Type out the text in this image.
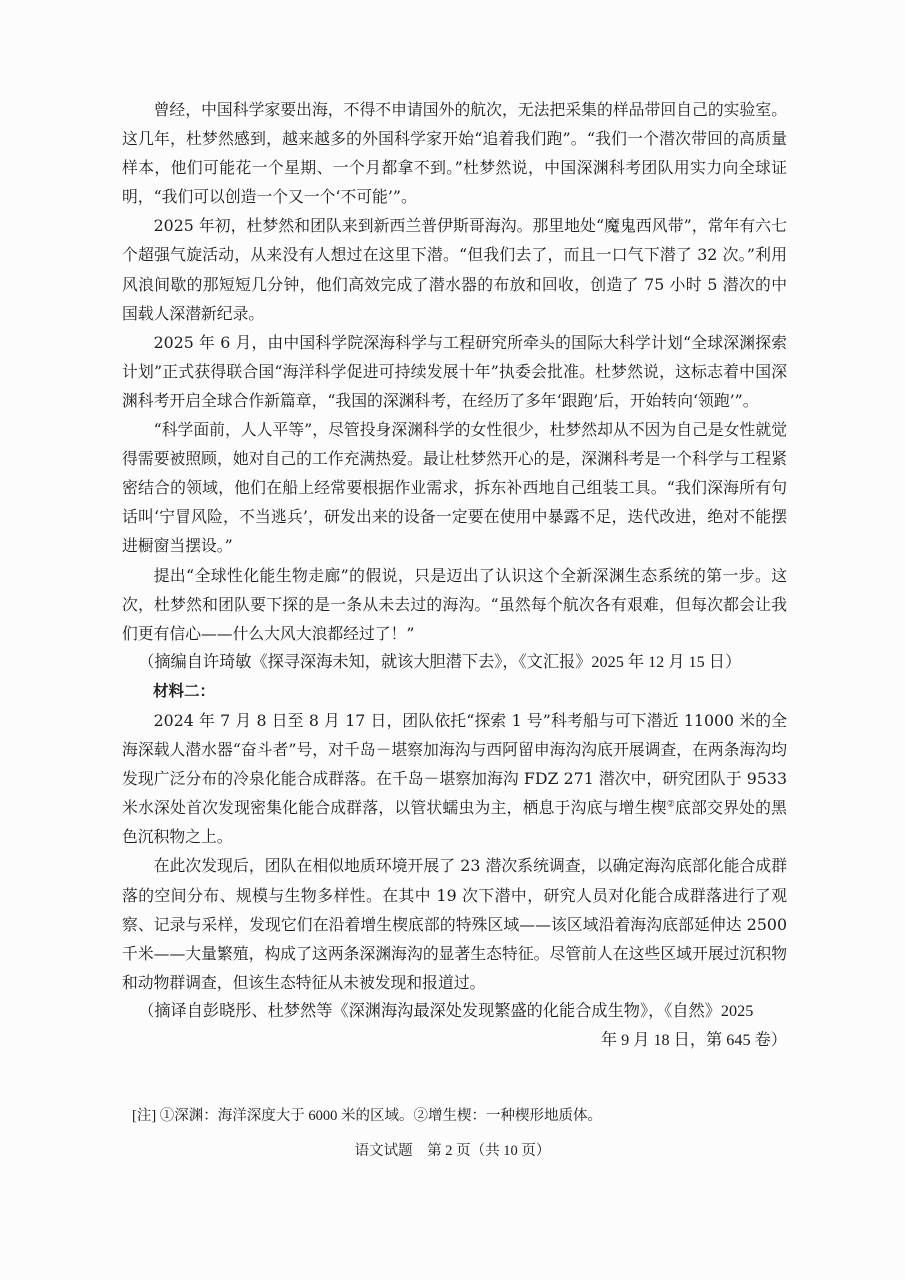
曾经，中国科学家要出海，不得不申请国外的航次，无法把采集的样品带回自己的实验室。这几年，杜梦然感到，越来越多的外国科学家开始“追着我们跑”。“我们一个潜次带回的高质量样本，他们可能花一个星期、一个月都拿不到。”杜梦然说，中国深渊科考团队用实力向全球证明，“我们可以创造一个又一个‘不可能’”。

2025 年初，杜梦然和团队来到新西兰普伊斯哥海沟。那里地处“魔鬼西风带”，常年有六七个超强气旋活动，从来没有人想过在这里下潜。“但我们去了，而且一口气下潜了 32 次。”利用风浪间歇的那短短几分钟，他们高效完成了潜水器的布放和回收，创造了 75 小时 5 潜次的中国载人深潜新纪录。

2025 年 6 月，由中国科学院深海科学与工程研究所牵头的国际大科学计划“全球深渊探索计划”正式获得联合国“海洋科学促进可持续发展十年”执委会批准。杜梦然说，这标志着中国深渊科考开启全球合作新篇章，“我国的深渊科考，在经历了多年‘跟跑’后，开始转向‘领跑’”。

“科学面前，人人平等”，尽管投身深渊科学的女性很少，杜梦然却从不因为自己是女性就觉得需要被照顾，她对自己的工作充满热爱。最让杜梦然开心的是，深渊科考是一个科学与工程紧密结合的领域，他们在船上经常要根据作业需求，拆东补西地自己组装工具。“我们深海所有句话叫‘宁冒风险，不当逃兵’，研发出来的设备一定要在使用中暴露不足，迭代改进，绝对不能摆进橱窗当摆设。”

提出“全球性化能生物走廊”的假说，只是迈出了认识这个全新深渊生态系统的第一步。这次，杜梦然和团队要下探的是一条从未去过的海沟。“虽然每个航次各有艰难，但每次都会让我们更有信心——什么大风大浪都经过了！”

（摘编自许琦敏《探寻深海未知，就该大胆潜下去》，《文汇报》2025 年 12 月 15 日）

材料二：

2024 年 7 月 8 日至 8 月 17 日，团队依托“探索 1 号”科考船与可下潜近 11000 米的全海深载人潜水器“奋斗者”号，对千岛－堪察加海沟与西阿留申海沟沟底开展调查，在两条海沟均发现广泛分布的冷泉化能合成群落。在千岛－堪察加海沟 FDZ 271 潜次中，研究团队于 9533 米水深处首次发现密集化能合成群落，以管状蠕虫为主，栖息于沟底与增生楔②底部交界处的黑色沉积物之上。

在此次发现后，团队在相似地质环境开展了 23 潜次系统调查，以确定海沟底部化能合成群落的空间分布、规模与生物多样性。在其中 19 次下潜中，研究人员对化能合成群落进行了观察、记录与采样，发现它们在沿着增生楔底部的特殊区域——该区域沿着海沟底部延伸达 2500 千米——大量繁殖，构成了这两条深渊海沟的显著生态特征。尽管前人在这些区域开展过沉积物和动物群调查，但该生态特征从未被发现和报道过。

（摘译自彭晓彤、杜梦然等《深渊海沟最深处发现繁盛的化能合成生物》，《自然》2025

年 9 月 18 日，第 645 卷）

[注] ①深渊：海洋深度大于 6000 米的区域。②增生楔：一种楔形地质体。
语文试题　第 2 页（共 10 页）
